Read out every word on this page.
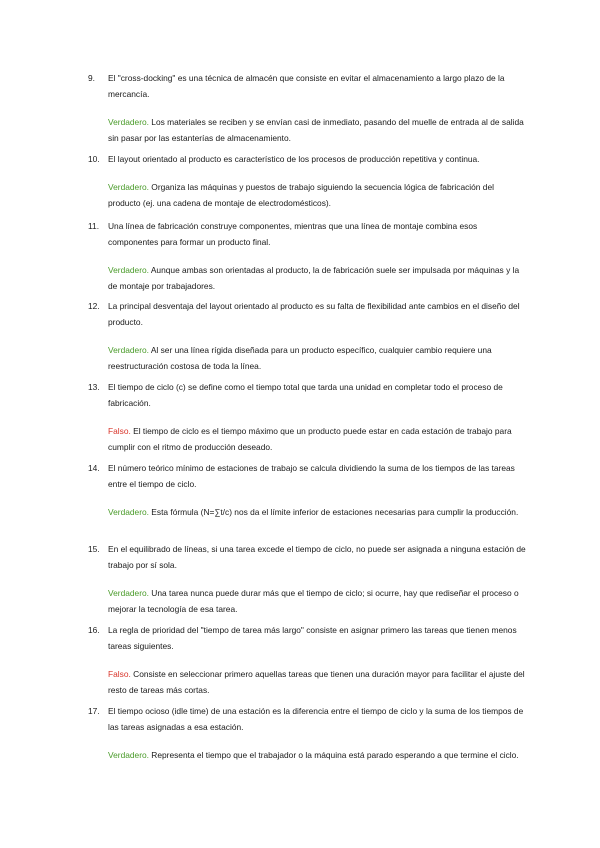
9. El "cross-docking" es una técnica de almacén que consiste en evitar el almacenamiento a largo plazo de la mercancía.
Verdadero. Los materiales se reciben y se envían casi de inmediato, pasando del muelle de entrada al de salida sin pasar por las estanterías de almacenamiento.
10. El layout orientado al producto es característico de los procesos de producción repetitiva y continua.
Verdadero. Organiza las máquinas y puestos de trabajo siguiendo la secuencia lógica de fabricación del producto (ej. una cadena de montaje de electrodomésticos).
11. Una línea de fabricación construye componentes, mientras que una línea de montaje combina esos componentes para formar un producto final.
Verdadero. Aunque ambas son orientadas al producto, la de fabricación suele ser impulsada por máquinas y la de montaje por trabajadores.
12. La principal desventaja del layout orientado al producto es su falta de flexibilidad ante cambios en el diseño del producto.
Verdadero. Al ser una línea rígida diseñada para un producto específico, cualquier cambio requiere una reestructuración costosa de toda la línea.
13. El tiempo de ciclo (c) se define como el tiempo total que tarda una unidad en completar todo el proceso de fabricación.
Falso. El tiempo de ciclo es el tiempo máximo que un producto puede estar en cada estación de trabajo para cumplir con el ritmo de producción deseado.
14. El número teórico mínimo de estaciones de trabajo se calcula dividiendo la suma de los tiempos de las tareas entre el tiempo de ciclo.
Verdadero. Esta fórmula (N=∑t/c) nos da el límite inferior de estaciones necesarias para cumplir la producción.
15. En el equilibrado de líneas, si una tarea excede el tiempo de ciclo, no puede ser asignada a ninguna estación de trabajo por sí sola.
Verdadero. Una tarea nunca puede durar más que el tiempo de ciclo; si ocurre, hay que rediseñar el proceso o mejorar la tecnología de esa tarea.
16. La regla de prioridad del "tiempo de tarea más largo" consiste en asignar primero las tareas que tienen menos tareas siguientes.
Falso. Consiste en seleccionar primero aquellas tareas que tienen una duración mayor para facilitar el ajuste del resto de tareas más cortas.
17. El tiempo ocioso (idle time) de una estación es la diferencia entre el tiempo de ciclo y la suma de los tiempos de las tareas asignadas a esa estación.
Verdadero. Representa el tiempo que el trabajador o la máquina está parado esperando a que termine el ciclo.
